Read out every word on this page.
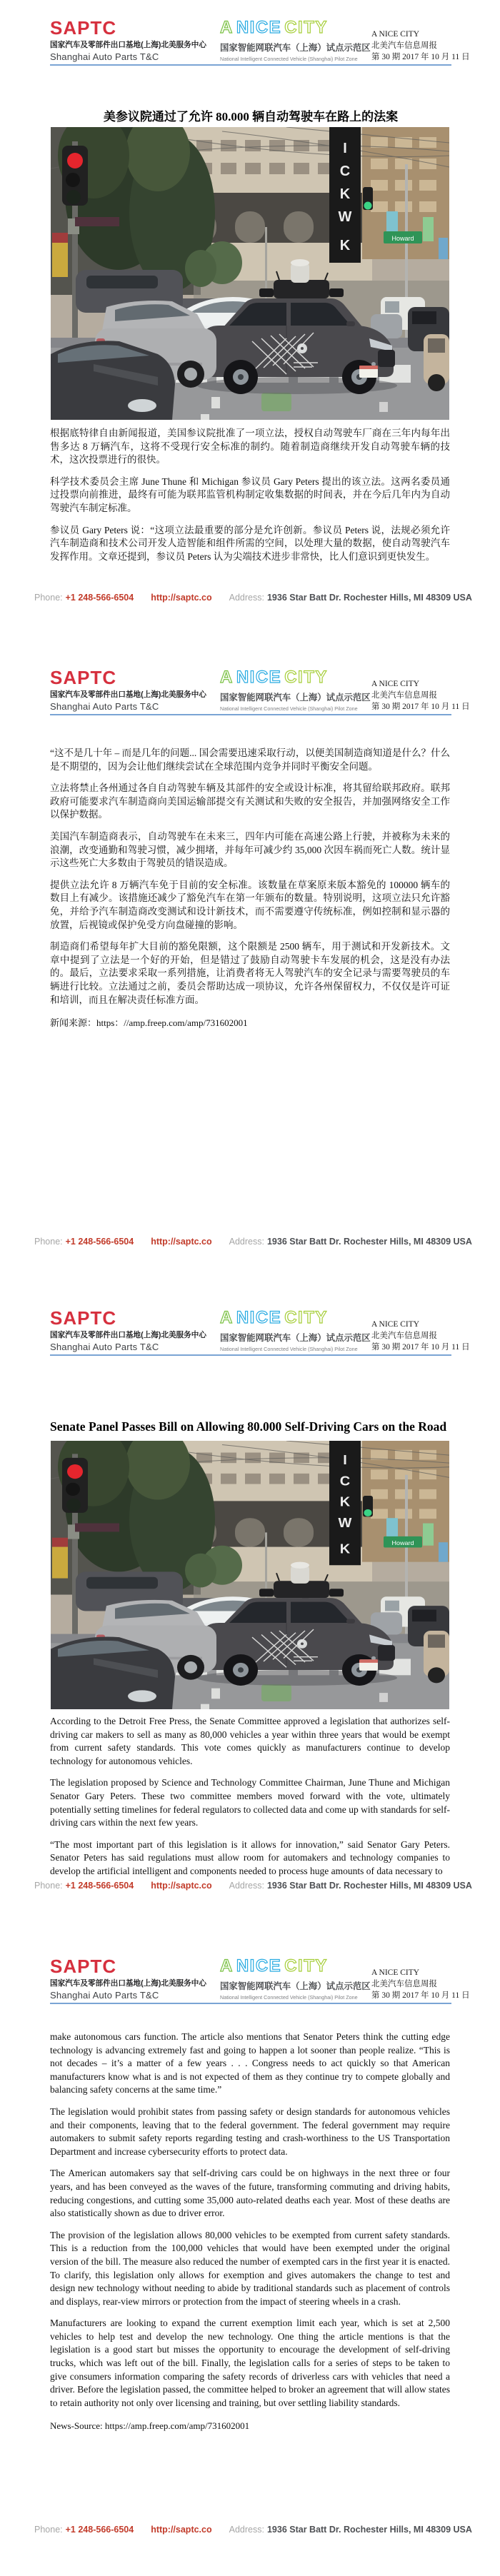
SAPTC
国家汽车及零部件出口基地(上海)北美服务中心
Shanghai Auto Parts T&C
A NICE CITY
国家智能网联汽车（上海）试点示范区
National Intelligent Connected Vehicle (Shanghai) Pilot Zone
A NICE CITY
北美汽车信息周报
第 30 期 2017 年 10 月 11 日
美参议院通过了允许 80.000 辆自动驾驶车在路上的法案
I
C
K
W
K	Howard

根据底特律自由新闻报道，美国参议院批准了一项立法，授权自动驾驶车厂商在三年内每年出售多达 8 万辆汽车，这将不受现行安全标准的制约。随着制造商继续开发自动驾驶车辆的技术，这次投票进行的很快。

科学技术委员会主席 June Thune 和 Michigan 参议员 Gary Peters 提出的该立法。这两名委员通过投票向前推进，最终有可能为联邦监管机构制定收集数据的时间表，并在今后几年内为自动驾驶汽车制定标准。

参议员 Gary Peters 说：“这项立法最重要的部分是允许创新。参议员 Peters 说，法规必须允许汽车制造商和技术公司开发人造智能和组件所需的空间，以处理大量的数据，使自动驾驶汽车发挥作用。文章还提到，参议员 Peters 认为尖端技术进步非常快，比人们意识到更快发生。

Phone: +1 248-566-6504 http://saptc.co Address: 1936 Star Batt Dr. Rochester Hills, MI 48309 USA
SAPTC
国家汽车及零部件出口基地(上海)北美服务中心
Shanghai Auto Parts T&C
A NICE CITY
国家智能网联汽车（上海）试点示范区
National Intelligent Connected Vehicle (Shanghai) Pilot Zone
A NICE CITY
北美汽车信息周报
第 30 期 2017 年 10 月 11 日

“这不是几十年 – 而是几年的问题... 国会需要迅速采取行动，以便美国制造商知道是什么？什么是不期望的，因为会让他们继续尝试在全球范围内竞争并同时平衡安全问题。

立法将禁止各州通过各自自动驾驶车辆及其部件的安全或设计标准，将其留给联邦政府。联邦政府可能要求汽车制造商向美国运输部提交有关测试和失败的安全报告，并加强网络安全工作以保护数据。

美国汽车制造商表示，自动驾驶车在未来三，四年内可能在高速公路上行驶，并被称为未来的浪潮，改变通勤和驾驶习惯，减少拥堵，并每年可减少约 35,000 次因车祸而死亡人数。统计显示这些死亡大多数由于驾驶员的错误造成。

提供立法允许 8 万辆汽车免于目前的安全标准。该数量在草案原来版本豁免的 100000 辆车的数目上有减少。该措施还减少了豁免汽车在第一年颁布的数量。特别说明，这项立法只允许豁免，并给予汽车制造商改变测试和设计新技术，而不需要遵守传统标准，例如控制和显示器的放置，后视镜或保护免受方向盘碰撞的影响。

制造商们希望每年扩大目前的豁免限额，这个限额是 2500 辆车，用于测试和开发新技术。文章中提到了立法是一个好的开始，但是错过了鼓励自动驾驶卡车发展的机会，这是没有办法的。最后，立法要求采取一系列措施，让消费者将无人驾驶汽车的安全记录与需要驾驶员的车辆进行比较。立法通过之前，委员会帮助达成一项协议，允许各州保留权力，不仅仅是许可证和培训，而且在解决责任标准方面。

新闻来源：https：//amp.freep.com/amp/731602001
Phone: +1 248-566-6504 http://saptc.co Address: 1936 Star Batt Dr. Rochester Hills, MI 48309 USA
SAPTC
国家汽车及零部件出口基地(上海)北美服务中心
Shanghai Auto Parts T&C
A NICE CITY
国家智能网联汽车（上海）试点示范区
National Intelligent Connected Vehicle (Shanghai) Pilot Zone
A NICE CITY
北美汽车信息周报
第 30 期 2017 年 10 月 11 日
Senate Panel Passes Bill on Allowing 80.000 Self-Driving Cars on the Road
I
C
K
W
K	Howard

According to the Detroit Free Press, the Senate Committee approved a legislation that authorizes self-driving car makers to sell as many as 80,000 vehicles a year within three years that would be exempt from current safety standards. This vote comes quickly as manufacturers continue to develop technology for autonomous vehicles.

The legislation proposed by Science and Technology Committee Chairman, June Thune and Michigan Senator Gary Peters. These two committee members moved forward with the vote, ultimately potentially setting timelines for federal regulators to collected data and come up with standards for self-driving cars within the next few years.

“The most important part of this legislation is it allows for innovation,” said Senator Gary Peters. Senator Peters has said regulations must allow room for automakers and technology companies to develop the artificial intelligent and components needed to process huge amounts of data necessary to

Phone: +1 248-566-6504 http://saptc.co Address: 1936 Star Batt Dr. Rochester Hills, MI 48309 USA
SAPTC
国家汽车及零部件出口基地(上海)北美服务中心
Shanghai Auto Parts T&C
A NICE CITY
国家智能网联汽车（上海）试点示范区
National Intelligent Connected Vehicle (Shanghai) Pilot Zone
A NICE CITY
北美汽车信息周报
第 30 期 2017 年 10 月 11 日

make autonomous cars function. The article also mentions that Senator Peters think the cutting edge technology is advancing extremely fast and going to happen a lot sooner than people realize. “This is not decades – it’s a matter of a few years . . . Congress needs to act quickly so that American manufacturers know what is and is not expected of them as they continue try to compete globally and balancing safety concerns at the same time.”

The legislation would prohibit states from passing safety or design standards for autonomous vehicles and their components, leaving that to the federal government. The federal government may require automakers to submit safety reports regarding testing and crash-worthiness to the US Transportation Department and increase cybersecurity efforts to protect data.

The American automakers say that self-driving cars could be on highways in the next three or four years, and has been conveyed as the waves of the future, transforming commuting and driving habits, reducing congestions, and cutting some 35,000 auto-related deaths each year. Most of these deaths are also statistically shown as due to driver error.

The provision of the legislation allows 80,000 vehicles to be exempted from current safety standards. This is a reduction from the 100,000 vehicles that would have been exempted under the original version of the bill. The measure also reduced the number of exempted cars in the first year it is enacted. To clarify, this legislation only allows for exemption and gives automakers the change to test and design new technology without needing to abide by traditional standards such as placement of controls and displays, rear-view mirrors or protection from the impact of steering wheels in a crash.

Manufacturers are looking to expand the current exemption limit each year, which is set at 2,500 vehicles to help test and develop the new technology. One thing the article mentions is that the legislation is a good start but misses the opportunity to encourage the development of self-driving trucks, which was left out of the bill. Finally, the legislation calls for a series of steps to be taken to give consumers information comparing the safety records of driverless cars with vehicles that need a driver. Before the legislation passed, the committee helped to broker an agreement that will allow states to retain authority not only over licensing and training, but over settling liability standards.

News-Source: https://amp.freep.com/amp/731602001
Phone: +1 248-566-6504 http://saptc.co Address: 1936 Star Batt Dr. Rochester Hills, MI 48309 USA
